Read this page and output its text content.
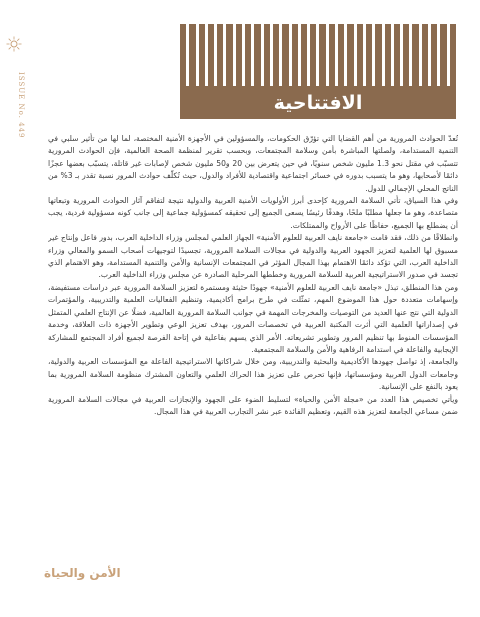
ISSUE No. 449	الافتتاحية

تُعدّ الحوادث المرورية من أهم القضايا التي تؤرّق الحكومات، والمسؤولين في الأجهزة الأمنية المختصة، لما لها من تأثير سلبي في التنمية المستدامة، ولصلتها المباشرة بأمن وسلامة المجتمعات، وبحسب تقرير لمنظمة الصحة العالمية، فإن الحوادث المرورية تتسبّب في مقتل نحو 1.3 مليون شخص سنويًا، في حين يتعرض بين 20 و50 مليون شخص لإصابات غير قاتلة، يتسبّب بعضها عجزًا دائمًا لأصحابها، وهو ما يتسبب بدوره في خسائر اجتماعية واقتصادية للأفراد والدول، حيث تُكلّف حوادث المرور نسبة تقدر بـ 3% من الناتج المحلي الإجمالي للدول.

وفي هذا السياق، تأتي السلامة المرورية كإحدى أبرز الأولويات الأمنية العربية والدولية نتيجة لتفاقم آثار الحوادث المرورية وتبعاتها متصاعدة، وهو ما جعلها مطلبًا ملحًا، وهدفًا رئيسًا يسعى الجميع إلى تحقيقه كمسؤولية جماعية إلى جانب كونه مسؤولية فردية، يجب أن يضطلع بها الجميع، حفاظًا على الأرواح والممتلكات.

وانطلاقًا من ذلك، فقد قامت «جامعة نايف العربية للعلوم الأمنية» الجهاز العلمي لمجلس وزراء الداخلية العرب، بدور فاعل وإنتاج غير مسبوق لها العلمية لتعزيز الجهود العربية والدولية في مجالات السلامة المرورية، تجسيدًا لتوجيهات أصحاب السمو والمعالي وزراء الداخلية العرب، التي تؤكد دائمًا الاهتمام بهذا المجال المؤثر في المجتمعات الإنسانية والأمن والتنمية المستدامة، وهو الاهتمام الذي تجسد في صدور الاستراتيجية العربية للسلامة المرورية وخططها المرحلية الصادرة عن مجلس وزراء الداخلية العرب.

ومن هذا المنطلق، تبذل «جامعة نايف العربية للعلوم الأمنية» جهودًا حثيثة ومستمرة لتعزيز السلامة المرورية عبر دراسات مستفيضة، وإسهامات متعددة حول هذا الموضوع المهم، تمثّلت في طرح برامج أكاديمية، وتنظيم الفعاليات العلمية والتدريبية، والمؤتمرات الدولية التي نتج عنها العديد من التوصيات والمخرجات المهمة في جوانب السلامة المرورية العالمية، فضلًا عن الإنتاج العلمي المتمثل في إصداراتها العلمية التي أثرت المكتبة العربية في تخصصات المرور، بهدف تعزيز الوعي وتطوير الأجهزة ذات العلاقة، وخدمة المؤسسات المنوط بها تنظيم المرور وتطوير تشريعاته. الأمر الذي يسهم بفاعلية في إتاحة الفرصة لجميع أفراد المجتمع للمشاركة الإيجابية والفاعلة في استدامة الرفاهية والأمن والسلامة المجتمعية.

والجامعة، إذ تواصل جهودها الأكاديمية والبحثية والتدريبية، ومن خلال شراكاتها الاستراتيجية الفاعلة مع المؤسسات العربية والدولية، وجامعات الدول العربية ومؤسساتها، فإنها تحرص على تعزيز هذا الحراك العلمي والتعاون المشترك منظومة السلامة المرورية بما يعود بالنفع على الإنسانية.

ويأتي تخصيص هذا العدد من «مجلة الأمن والحياة» لتسليط الضوء على الجهود والإنجازات العربية في مجالات السلامة المرورية ضمن مساعي الجامعة لتعزيز هذه القيم، وتعظيم الفائدة عبر نشر التجارب العربية في هذا المجال.

الأمن والحياة
